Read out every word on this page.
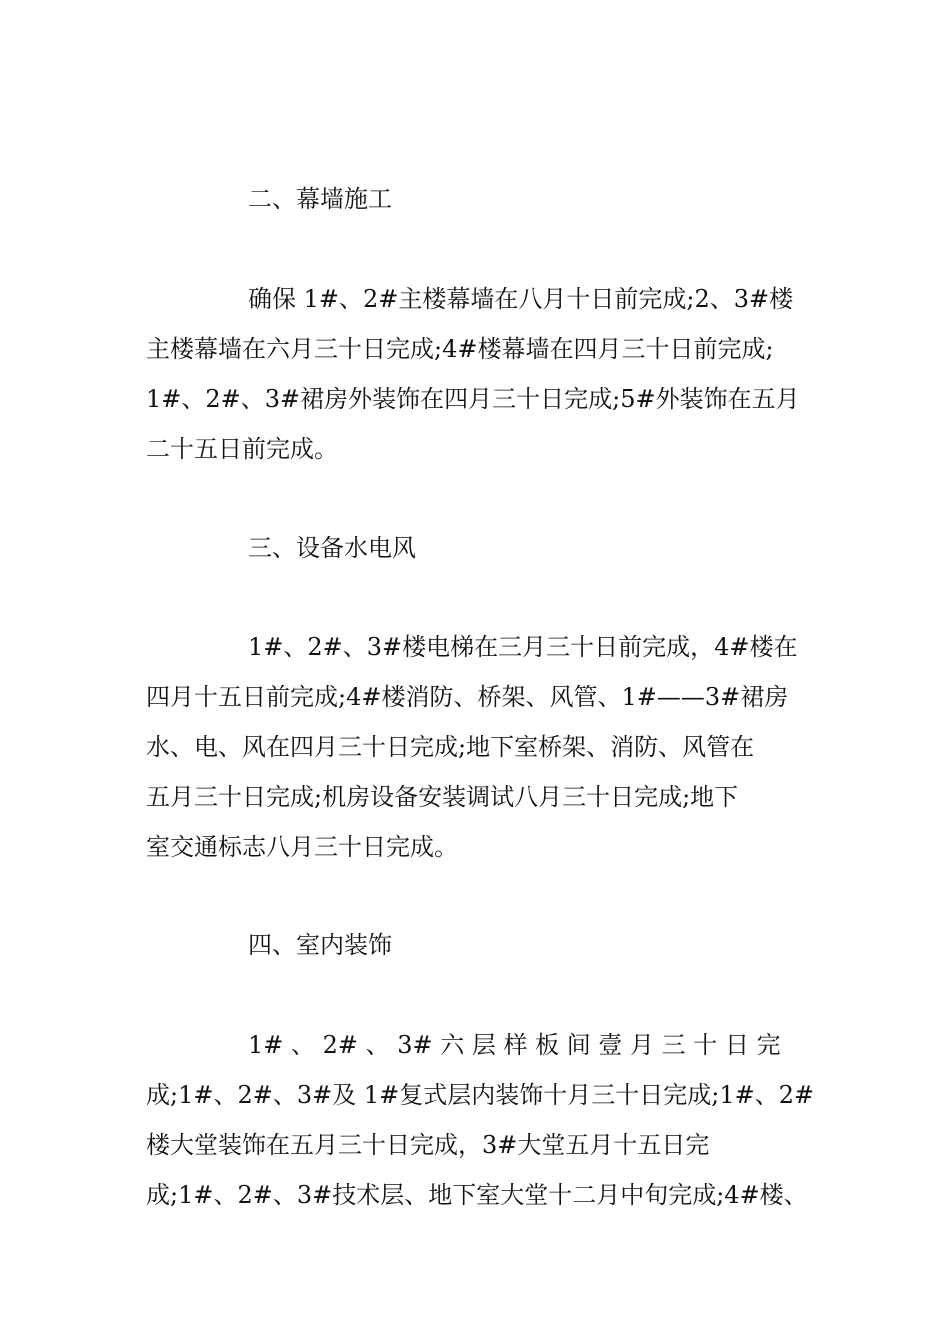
二、幕墙施工
确保 1#、2#主楼幕墙在八月十日前完成;2、3#楼
主楼幕墙在六月三十日完成;4#楼幕墙在四月三十日前完成;
1#、2#、3#裙房外装饰在四月三十日完成;5#外装饰在五月
二十五日前完成。
三、设备水电风
1#、2#、3#楼电梯在三月三十日前完成，4#楼在
四月十五日前完成;4#楼消防、桥架、风管、1#——3#裙房
水、电、风在四月三十日完成;地下室桥架、消防、风管在
五月三十日完成;机房设备安装调试八月三十日完成;地下
室交通标志八月三十日完成。
四、室内装饰
1# 、 2# 、 3# 六 层 样 板 间 壹 月 三 十 日 完
成;1#、2#、3#及 1#复式层内装饰十月三十日完成;1#、2#
楼大堂装饰在五月三十日完成，3#大堂五月十五日完
成;1#、2#、3#技术层、地下室大堂十二月中旬完成;4#楼、
